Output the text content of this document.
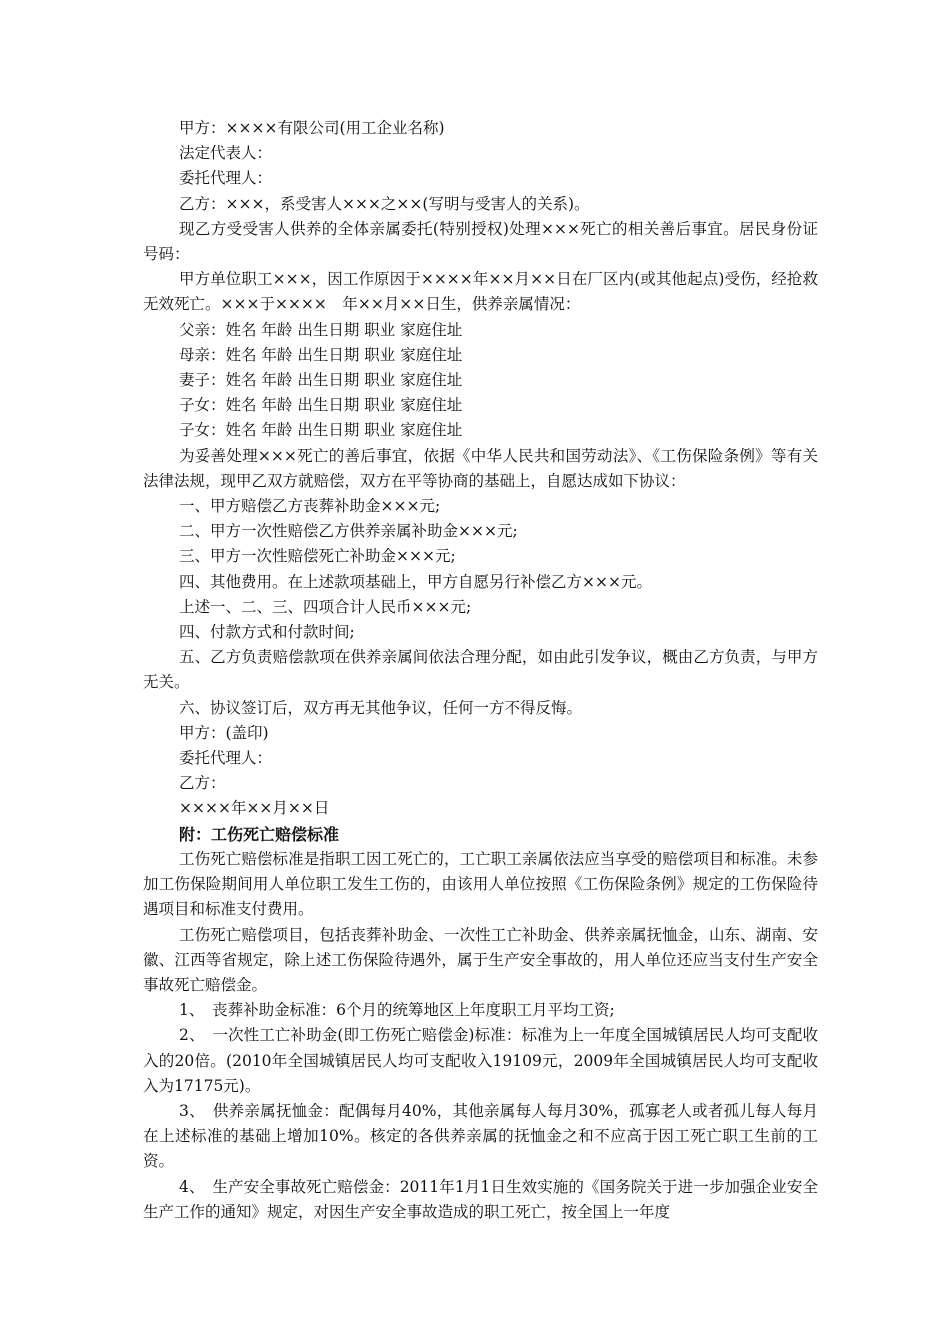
甲方：××××有限公司(用工企业名称)

法定代表人：

委托代理人：

乙方：×××，系受害人×××之××(写明与受害人的关系)。

现乙方受受害人供养的全体亲属委托(特别授权)处理×××死亡的相关善后事宜。居民身份证号码：

甲方单位职工×××，因工作原因于××××年××月××日在厂区内(或其他起点)受伤，经抢救无效死亡。×××于××××　年××月××日生，供养亲属情况：

父亲：姓名 年龄 出生日期 职业 家庭住址

母亲：姓名 年龄 出生日期 职业 家庭住址

妻子：姓名 年龄 出生日期 职业 家庭住址

子女：姓名 年龄 出生日期 职业 家庭住址

子女：姓名 年龄 出生日期 职业 家庭住址

为妥善处理×××死亡的善后事宜，依据《中华人民共和国劳动法》、《工伤保险条例》等有关法律法规，现甲乙双方就赔偿，双方在平等协商的基础上，自愿达成如下协议：

一、甲方赔偿乙方丧葬补助金×××元;

二、甲方一次性赔偿乙方供养亲属补助金×××元;

三、甲方一次性赔偿死亡补助金×××元;

四、其他费用。在上述款项基础上，甲方自愿另行补偿乙方×××元。

上述一、二、三、四项合计人民币×××元;

四、付款方式和付款时间;

五、乙方负责赔偿款项在供养亲属间依法合理分配，如由此引发争议，概由乙方负责，与甲方无关。

六、协议签订后，双方再无其他争议，任何一方不得反悔。

甲方：(盖印)

委托代理人：

乙方：

××××年××月××日

附：工伤死亡赔偿标准

工伤死亡赔偿标准是指职工因工死亡的，工亡职工亲属依法应当享受的赔偿项目和标准。未参加工伤保险期间用人单位职工发生工伤的，由该用人单位按照《工伤保险条例》规定的工伤保险待遇项目和标准支付费用。

工伤死亡赔偿项目，包括丧葬补助金、一次性工亡补助金、供养亲属抚恤金，山东、湖南、安徽、江西等省规定，除上述工伤保险待遇外，属于生产安全事故的，用人单位还应当支付生产安全事故死亡赔偿金。

1、　丧葬补助金标准：6个月的统筹地区上年度职工月平均工资;

2、　一次性工亡补助金(即工伤死亡赔偿金)标准：标准为上一年度全国城镇居民人均可支配收入的20倍。(2010年全国城镇居民人均可支配收入19109元，2009年全国城镇居民人均可支配收入为17175元)。

3、　供养亲属抚恤金：配偶每月40%，其他亲属每人每月30%，孤寡老人或者孤儿每人每月在上述标准的基础上增加10%。核定的各供养亲属的抚恤金之和不应高于因工死亡职工生前的工资。

4、　生产安全事故死亡赔偿金：2011年1月1日生效实施的《国务院关于进一步加强企业安全生产工作的通知》规定，对因生产安全事故造成的职工死亡，按全国上一年度
